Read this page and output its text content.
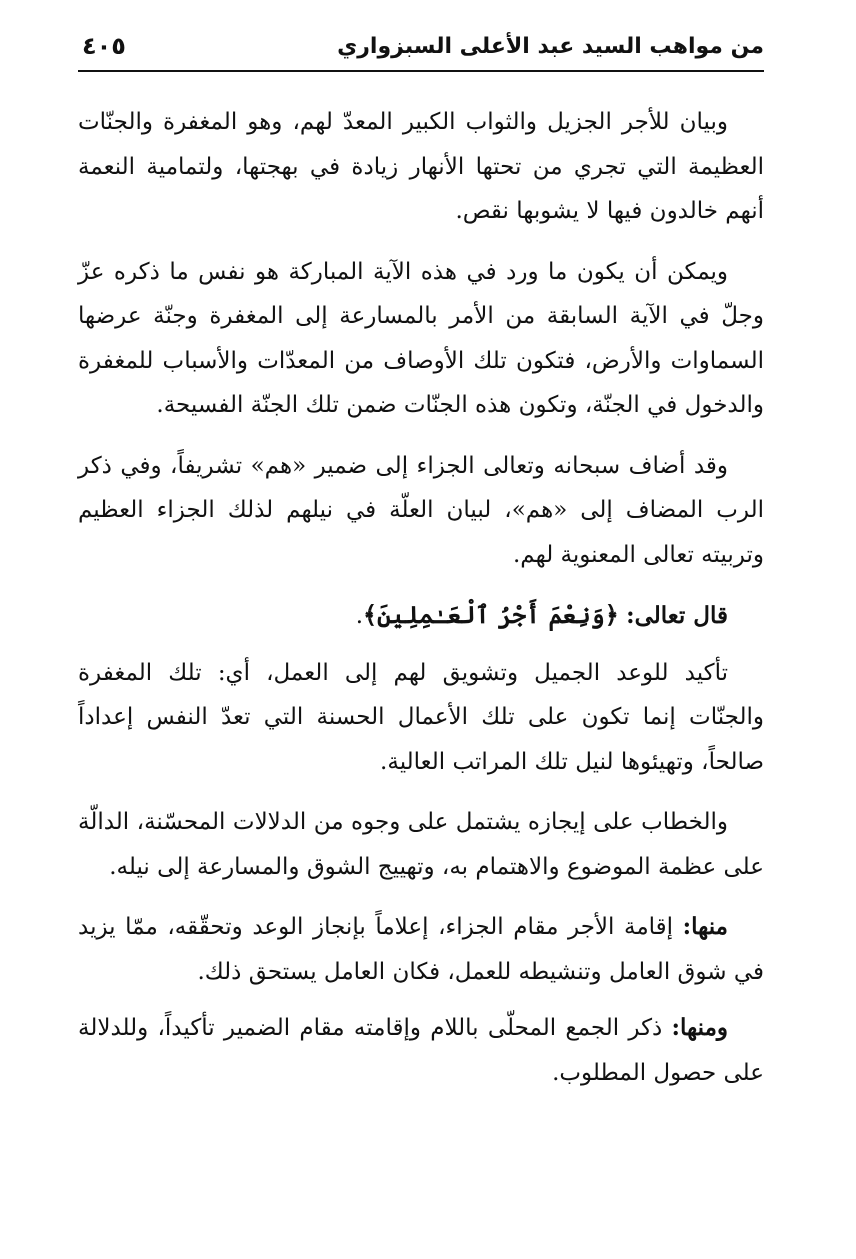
من مواهب السيد عبد الأعلى السبزواري
٤٠٥

وبيان للأجر الجزيل والثواب الكبير المعدّ لهم، وهو المغفرة والجنّات العظيمة التي تجري من تحتها الأنهار زيادة في بهجتها، ولتمامية النعمة أنهم خالدون فيها لا يشوبها نقص.

ويمكن أن يكون ما ورد في هذه الآية المباركة هو نفس ما ذكره عزّ وجلّ في الآية السابقة من الأمر بالمسارعة إلى المغفرة وجنّة عرضها السماوات والأرض، فتكون تلك الأوصاف من المعدّات والأسباب للمغفرة والدخول في الجنّة، وتكون هذه الجنّات ضمن تلك الجنّة الفسيحة.

وقد أضاف سبحانه وتعالى الجزاء إلى ضمير «هم» تشريفاً، وفي ذكر الرب المضاف إلى «هم»، لبيان العلّة في نيلهم لذلك الجزاء العظيم وتربيته تعالى المعنوية لهم.

قال تعالى: ﴿وَنِعْمَ أَجْرُ ٱلْعَـٰمِلِينَ﴾.

تأكيد للوعد الجميل وتشويق لهم إلى العمل، أي: تلك المغفرة والجنّات إنما تكون على تلك الأعمال الحسنة التي تعدّ النفس إعداداً صالحاً، وتهيئوها لنيل تلك المراتب العالية.

والخطاب على إيجازه يشتمل على وجوه من الدلالات المحسّنة، الدالّة على عظمة الموضوع والاهتمام به، وتهييج الشوق والمسارعة إلى نيله.

منها: إقامة الأجر مقام الجزاء، إعلاماً بإنجاز الوعد وتحقّقه، ممّا يزيد في شوق العامل وتنشيطه للعمل، فكان العامل يستحق ذلك.

ومنها: ذكر الجمع المحلّى باللام وإقامته مقام الضمير تأكيداً، وللدلالة على حصول المطلوب.
